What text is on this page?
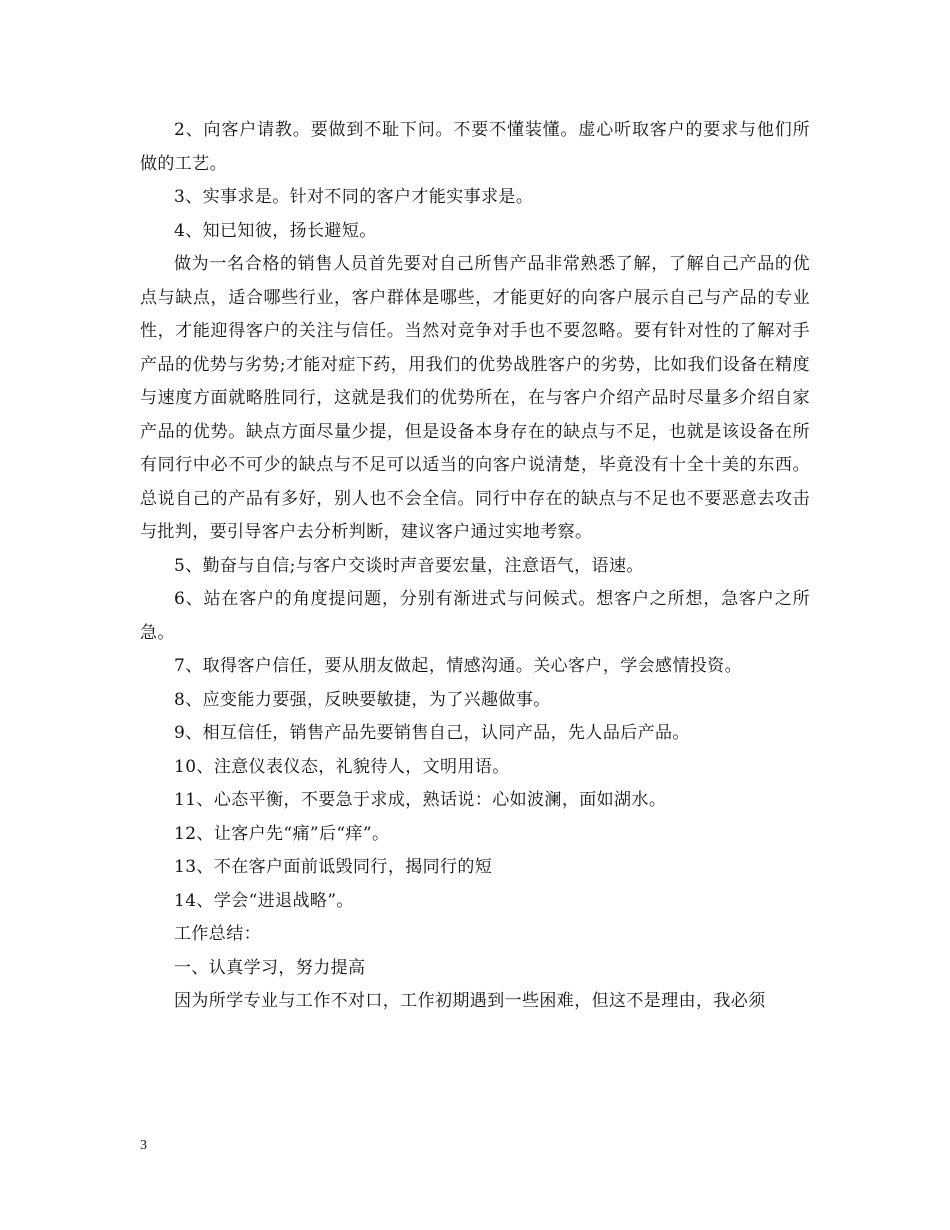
2、向客户请教。要做到不耻下问。不要不懂装懂。虚心听取客户的要求与他们所做的工艺。

3、实事求是。针对不同的客户才能实事求是。

4、知已知彼，扬长避短。

做为一名合格的销售人员首先要对自己所售产品非常熟悉了解，了解自己产品的优点与缺点，适合哪些行业，客户群体是哪些，才能更好的向客户展示自己与产品的专业性，才能迎得客户的关注与信任。当然对竞争对手也不要忽略。要有针对性的了解对手产品的优势与劣势;才能对症下药，用我们的优势战胜客户的劣势，比如我们设备在精度与速度方面就略胜同行，这就是我们的优势所在，在与客户介绍产品时尽量多介绍自家产品的优势。缺点方面尽量少提，但是设备本身存在的缺点与不足，也就是该设备在所有同行中必不可少的缺点与不足可以适当的向客户说清楚，毕竟没有十全十美的东西。总说自己的产品有多好，别人也不会全信。同行中存在的缺点与不足也不要恶意去攻击与批判，要引导客户去分析判断，建议客户通过实地考察。

5、勤奋与自信;与客户交谈时声音要宏量，注意语气，语速。

6、站在客户的角度提问题，分别有渐进式与问候式。想客户之所想，急客户之所急。

7、取得客户信任，要从朋友做起，情感沟通。关心客户，学会感情投资。

8、应变能力要强，反映要敏捷，为了兴趣做事。

9、相互信任，销售产品先要销售自己，认同产品，先人品后产品。

10、注意仪表仪态，礼貌待人，文明用语。

11、心态平衡，不要急于求成，熟话说：心如波澜，面如湖水。

12、让客户先“痛”后“痒”。

13、不在客户面前诋毁同行，揭同行的短

14、学会“进退战略”。

工作总结：

一、认真学习，努力提高

因为所学专业与工作不对口，工作初期遇到一些困难，但这不是理由，我必须

3
